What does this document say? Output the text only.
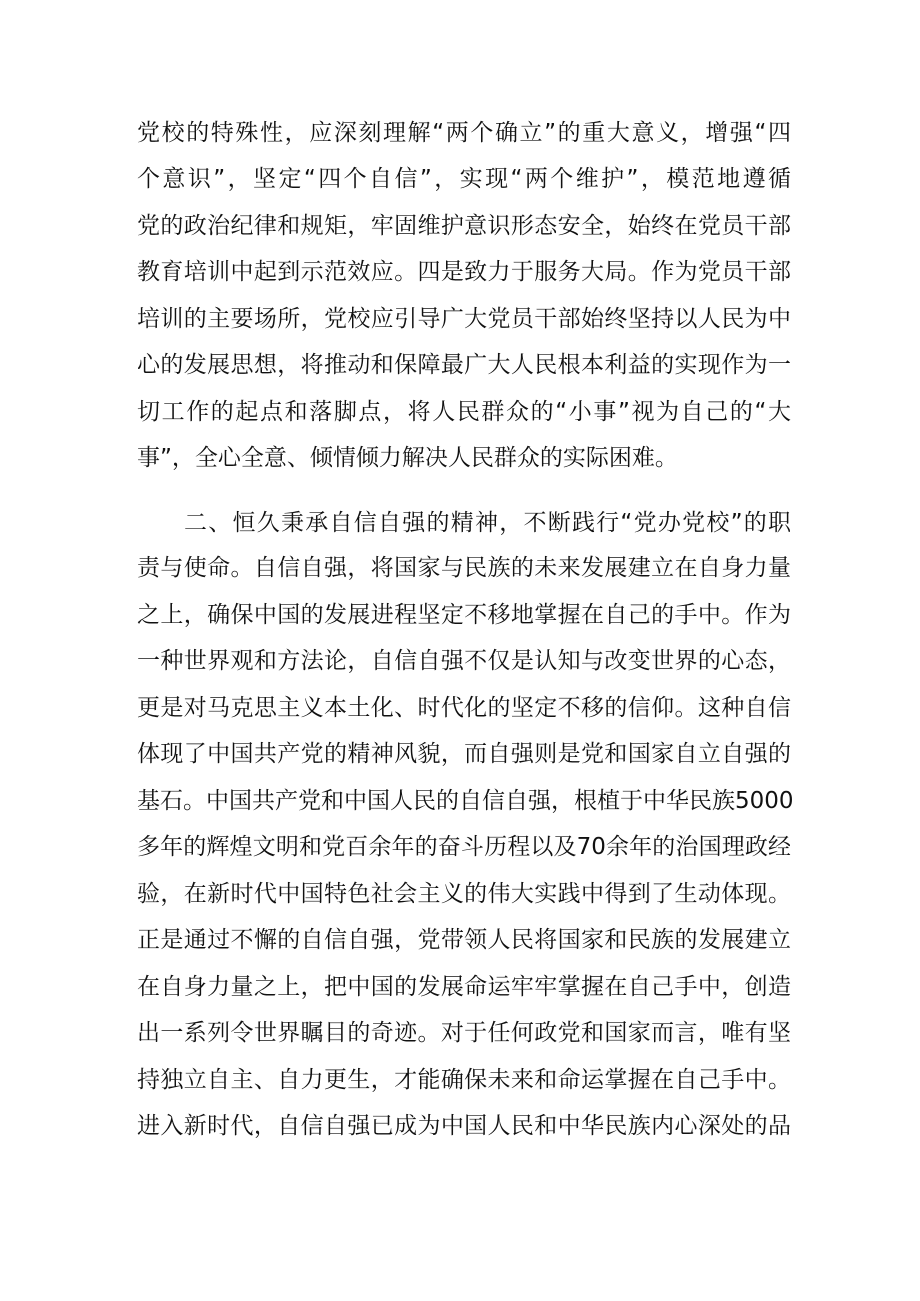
党校的特殊性，应深刻理解“两个确立”的重大意义，增强“四
个意识”，坚定“四个自信”，实现“两个维护”，模范地遵循
党的政治纪律和规矩，牢固维护意识形态安全，始终在党员干部
教育培训中起到示范效应。四是致力于服务大局。作为党员干部
培训的主要场所，党校应引导广大党员干部始终坚持以人民为中
心的发展思想，将推动和保障最广大人民根本利益的实现作为一
切工作的起点和落脚点，将人民群众的“小事”视为自己的“大
事”，全心全意、倾情倾力解决人民群众的实际困难。
二、恒久秉承自信自强的精神，不断践行“党办党校”的职
责与使命。自信自强，将国家与民族的未来发展建立在自身力量
之上，确保中国的发展进程坚定不移地掌握在自己的手中。作为
一种世界观和方法论，自信自强不仅是认知与改变世界的心态，
更是对马克思主义本土化、时代化的坚定不移的信仰。这种自信
体现了中国共产党的精神风貌，而自强则是党和国家自立自强的
基石。中国共产党和中国人民的自信自强，根植于中华民族5000
多年的辉煌文明和党百余年的奋斗历程以及70余年的治国理政经
验，在新时代中国特色社会主义的伟大实践中得到了生动体现。
正是通过不懈的自信自强，党带领人民将国家和民族的发展建立
在自身力量之上，把中国的发展命运牢牢掌握在自己手中，创造
出一系列令世界瞩目的奇迹。对于任何政党和国家而言，唯有坚
持独立自主、自力更生，才能确保未来和命运掌握在自己手中。
进入新时代，自信自强已成为中国人民和中华民族内心深处的品
